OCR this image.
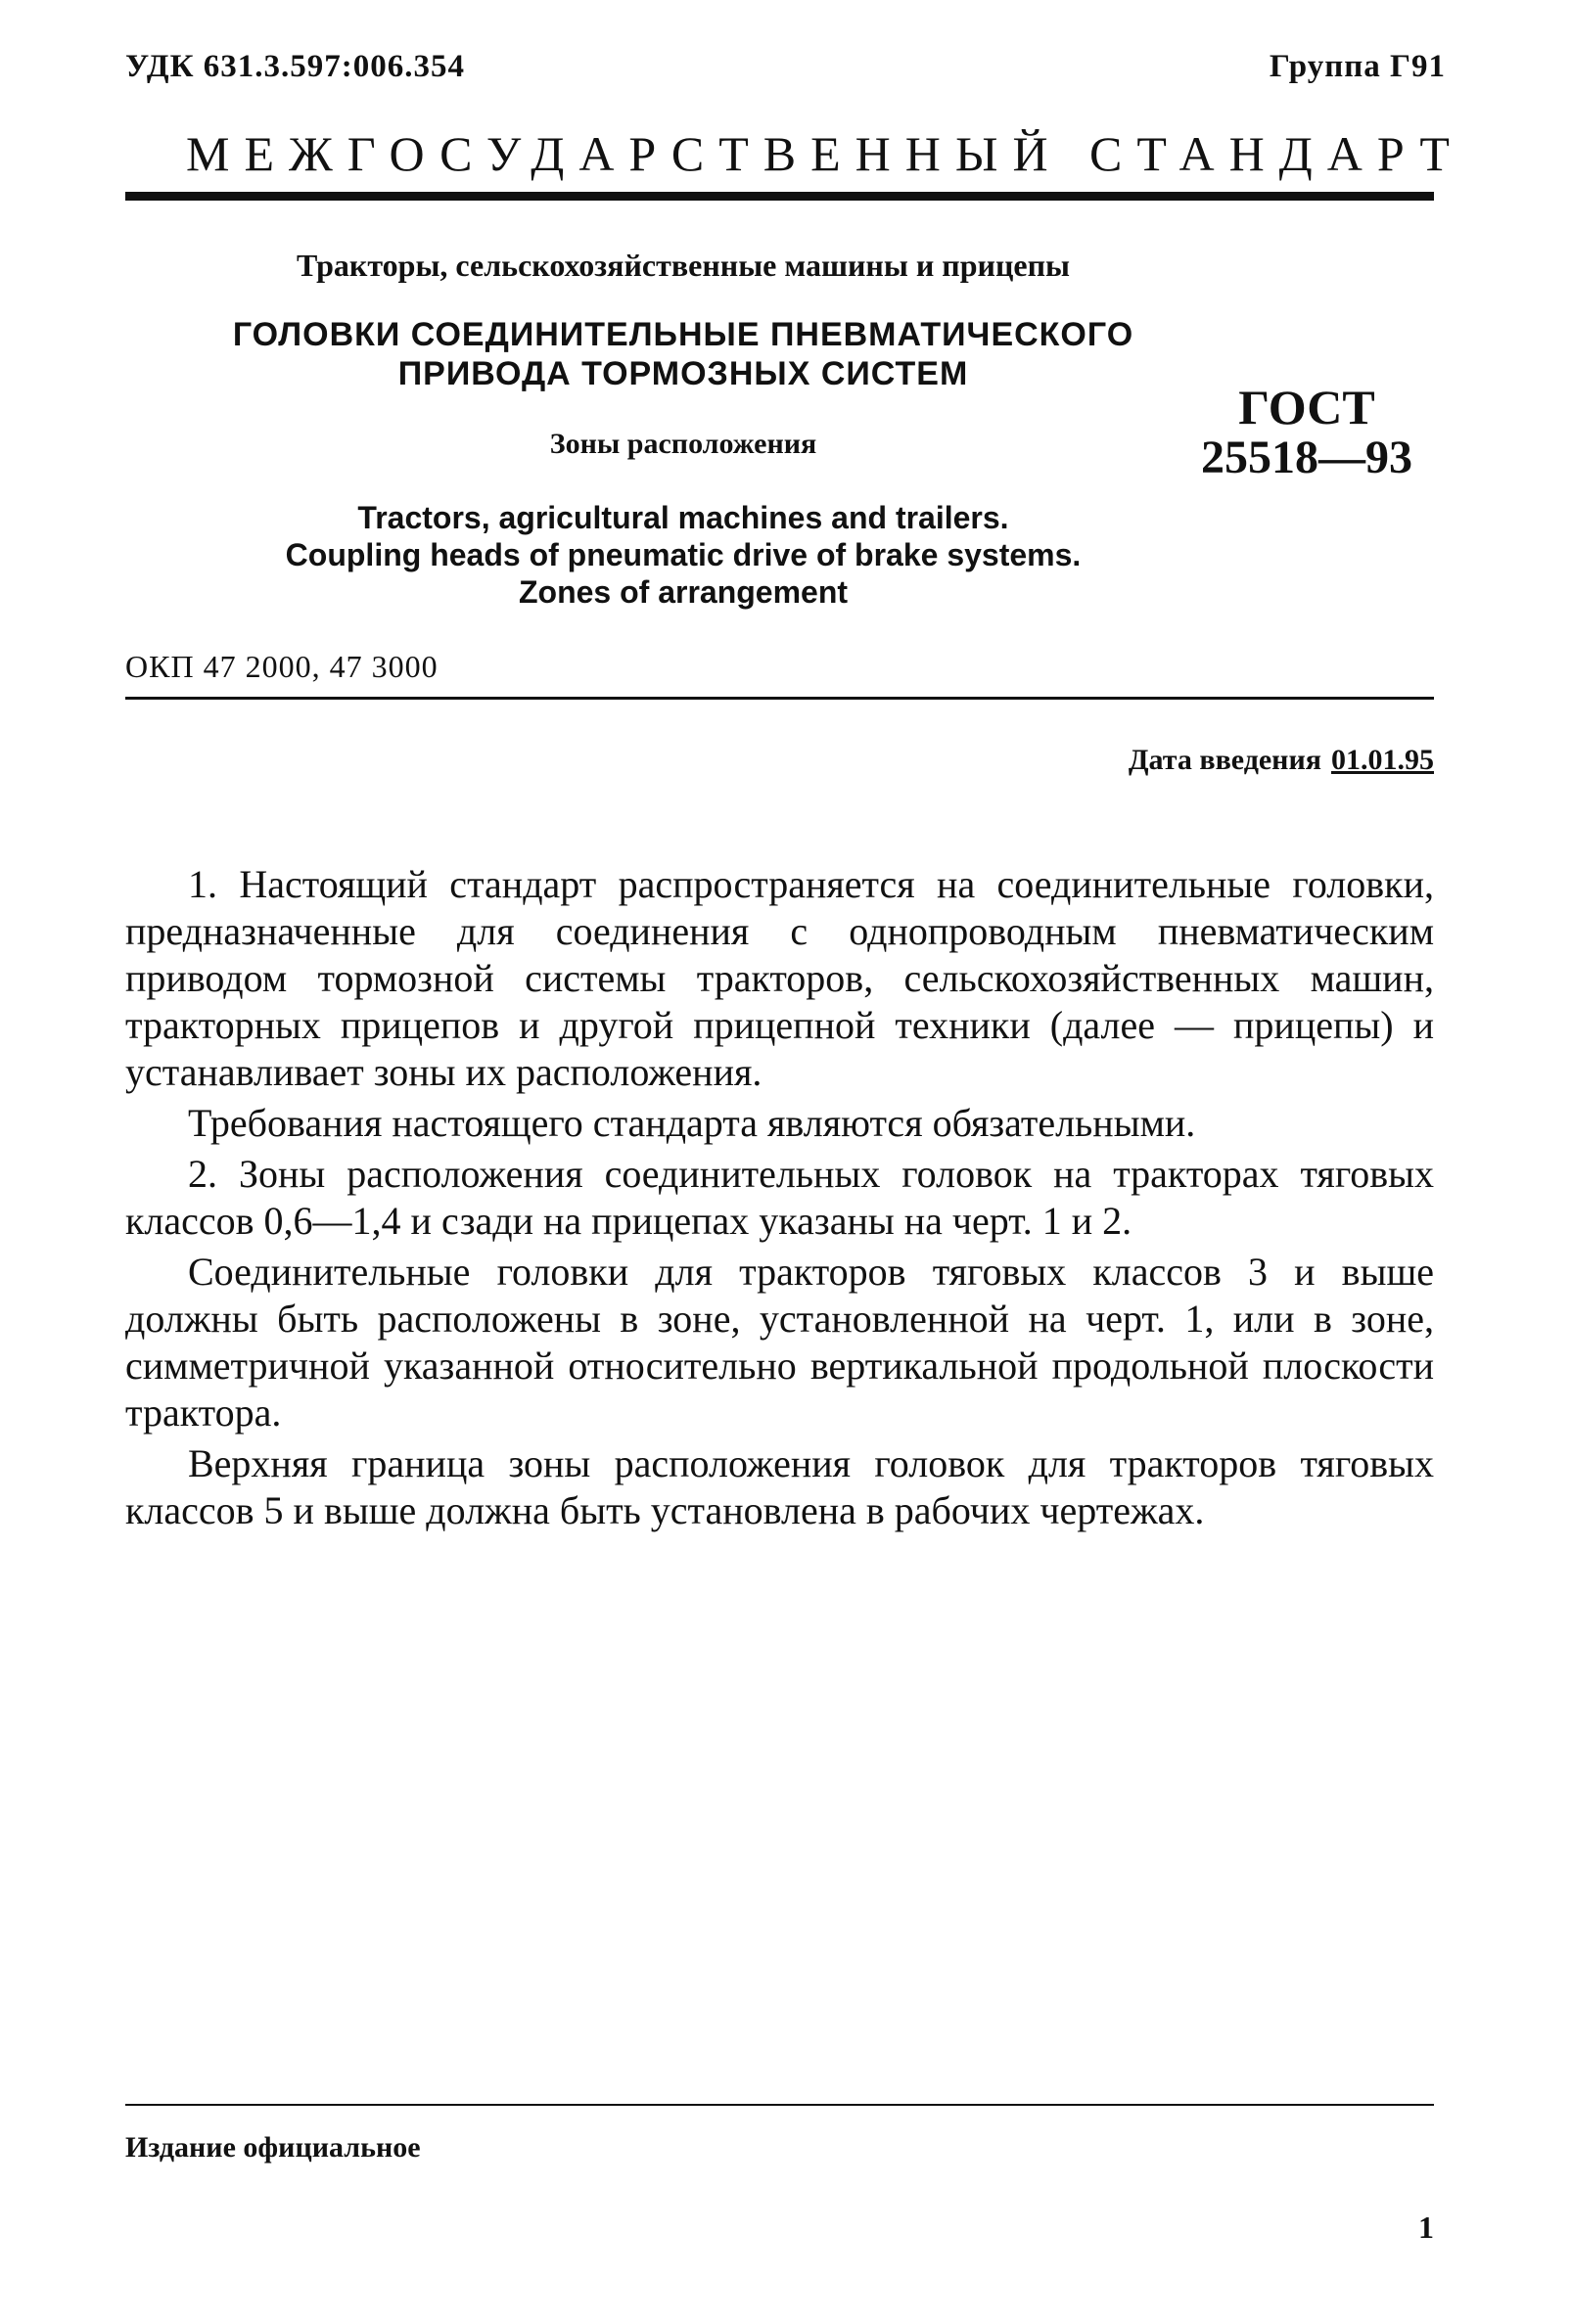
УДК 631.3.597:006.354	Группа Г91
МЕЖГОСУДАРСТВЕННЫЙ СТАНДАРТ
Тракторы, сельскохозяйственные машины и прицепы
ГОЛОВКИ СОЕДИНИТЕЛЬНЫЕ ПНЕВМАТИЧЕСКОГО
ПРИВОДА ТОРМОЗНЫХ СИСТЕМ
Зоны расположения
ГОСТ
25518—93
Tractors, agricultural machines and trailers.
Coupling heads of pneumatic drive of brake systems.
Zones of arrangement
ОКП 47 2000, 47 3000
Дата введения 01.01.95

1. Настоящий стандарт распространяется на соединительные головки, предназначенные для соединения с однопроводным пневматическим приводом тормозной системы тракторов, сельскохозяйственных машин, тракторных прицепов и другой прицепной техники (далее — прицепы) и устанавливает зоны их расположения.

Требования настоящего стандарта являются обязательными.

2. Зоны расположения соединительных головок на тракторах тяговых классов 0,6—1,4 и сзади на прицепах указаны на черт. 1 и 2.

Соединительные головки для тракторов тяговых классов 3 и выше должны быть расположены в зоне, установленной на черт. 1, или в зоне, симметричной указанной относительно вертикальной продольной плоскости трактора.

Верхняя граница зоны расположения головок для тракторов тяговых классов 5 и выше должна быть установлена в рабочих чертежах.

Издание официальное
1
